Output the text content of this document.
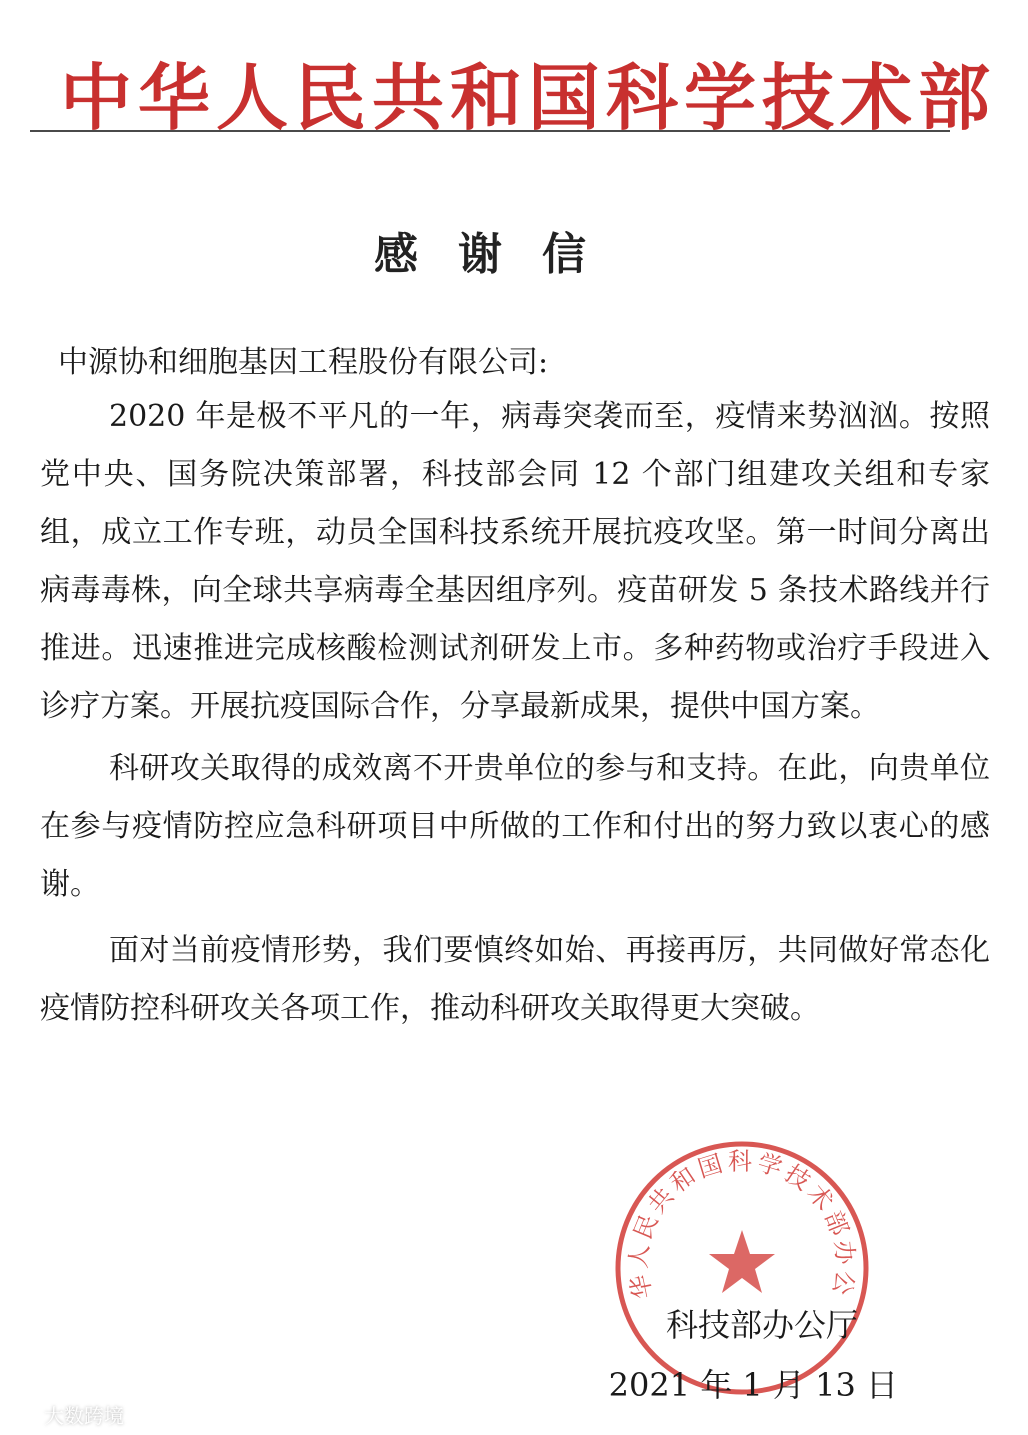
中华人民共和国科学技术部
感谢信
中源协和细胞基因工程股份有限公司:

2020 年是极不平凡的一年，病毒突袭而至，疫情来势汹汹。按照党中央、国务院决策部署，科技部会同 12 个部门组建攻关组和专家组，成立工作专班，动员全国科技系统开展抗疫攻坚。第一时间分离出病毒毒株，向全球共享病毒全基因组序列。疫苗研发 5 条技术路线并行推进。迅速推进完成核酸检测试剂研发上市。多种药物或治疗手段进入诊疗方案。开展抗疫国际合作，分享最新成果，提供中国方案。

科研攻关取得的成效离不开贵单位的参与和支持。在此，向贵单位在参与疫情防控应急科研项目中所做的工作和付出的努力致以衷心的感谢。

面对当前疫情形势，我们要慎终如始、再接再厉，共同做好常态化疫情防控科研攻关各项工作，推动科研攻关取得更大突破。

华人民共和国科学技术部办公
科技部办公厅
2021 年 1 月 13 日
大数跨境
